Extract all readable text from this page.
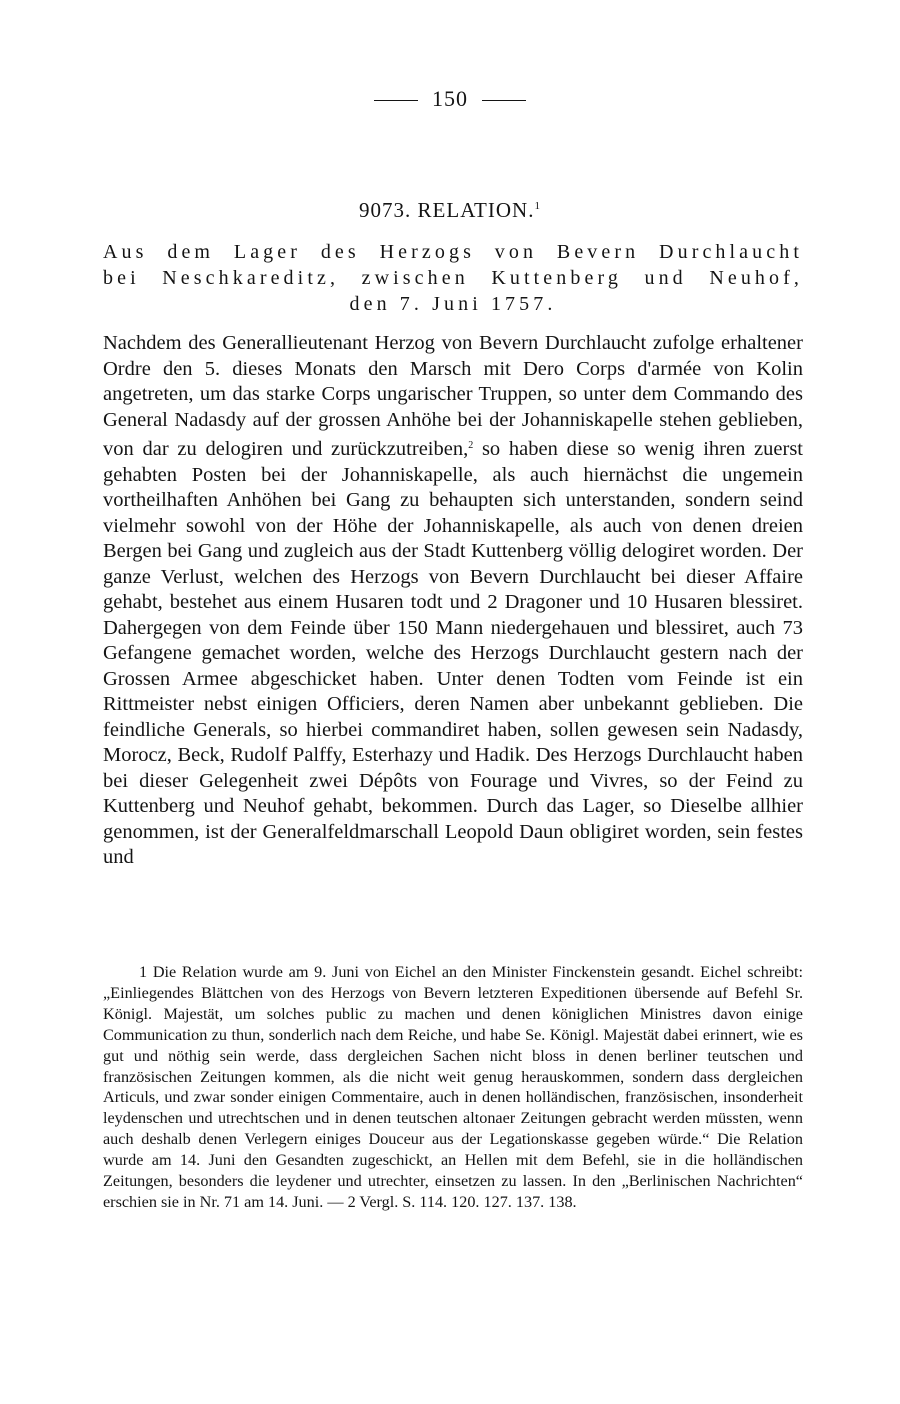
150
9073. RELATION.$^1$
Aus dem Lager des Herzogs von Bevern Durchlaucht
bei Neschkareditz, zwischen Kuttenberg und Neuhof,
den 7. Juni 1757.
Nachdem des Generallieutenant Herzog von Bevern Durchlaucht zufolge erhaltener Ordre den 5. dieses Monats den Marsch mit Dero Corps d'armée von Kolin angetreten, um das starke Corps ungarischer Truppen, so unter dem Commando des General Nadasdy auf der grossen Anhöhe bei der Johanniskapelle stehen geblieben, von dar zu delogiren und zurückzutreiben,$^2$ so haben diese so wenig ihren zuerst gehabten Posten bei der Johanniskapelle, als auch hiernächst die ungemein vortheilhaften Anhöhen bei Gang zu behaupten sich unterstanden, sondern seind vielmehr sowohl von der Höhe der Johanniskapelle, als auch von denen dreien Bergen bei Gang und zugleich aus der Stadt Kuttenberg völlig delogiret worden. Der ganze Verlust, welchen des Herzogs von Bevern Durchlaucht bei dieser Affaire gehabt, bestehet aus einem Husaren todt und 2 Dragoner und 10 Husaren blessiret. Dahergegen von dem Feinde über 150 Mann niedergehauen und blessiret, auch 73 Gefangene gemachet worden, welche des Herzogs Durchlaucht gestern nach der Grossen Armee abgeschicket haben. Unter denen Todten vom Feinde ist ein Rittmeister nebst einigen Officiers, deren Namen aber unbekannt geblieben. Die feindliche Generals, so hierbei commandiret haben, sollen gewesen sein Nadasdy, Morocz, Beck, Rudolf Palffy, Esterhazy und Hadik. Des Herzogs Durchlaucht haben bei dieser Gelegenheit zwei Dépôts von Fourage und Vivres, so der Feind zu Kuttenberg und Neuhof gehabt, bekommen. Durch das Lager, so Dieselbe allhier genommen, ist der Generalfeldmarschall Leopold Daun obligiret worden, sein festes und

1 Die Relation wurde am 9. Juni von Eichel an den Minister Finckenstein gesandt. Eichel schreibt: „Einliegendes Blättchen von des Herzogs von Bevern letzteren Expeditionen übersende auf Befehl Sr. Königl. Majestät, um solches public zu machen und denen königlichen Ministres davon einige Communication zu thun, sonderlich nach dem Reiche, und habe Se. Königl. Majestät dabei erinnert, wie es gut und nöthig sein werde, dass dergleichen Sachen nicht bloss in denen berliner teutschen und französischen Zeitungen kommen, als die nicht weit genug herauskommen, sondern dass dergleichen Articuls, und zwar sonder einigen Commentaire, auch in denen holländischen, französischen, insonderheit leydenschen und utrechtschen und in denen teutschen altonaer Zeitungen gebracht werden müssten, wenn auch deshalb denen Verlegern einiges Douceur aus der Legationskasse gegeben würde.“ Die Relation wurde am 14. Juni den Gesandten zugeschickt, an Hellen mit dem Befehl, sie in die holländischen Zeitungen, besonders die leydener und utrechter, einsetzen zu lassen. In den „Berlinischen Nachrichten“ erschien sie in Nr. 71 am 14. Juni. — 2 Vergl. S. 114. 120. 127. 137. 138.
